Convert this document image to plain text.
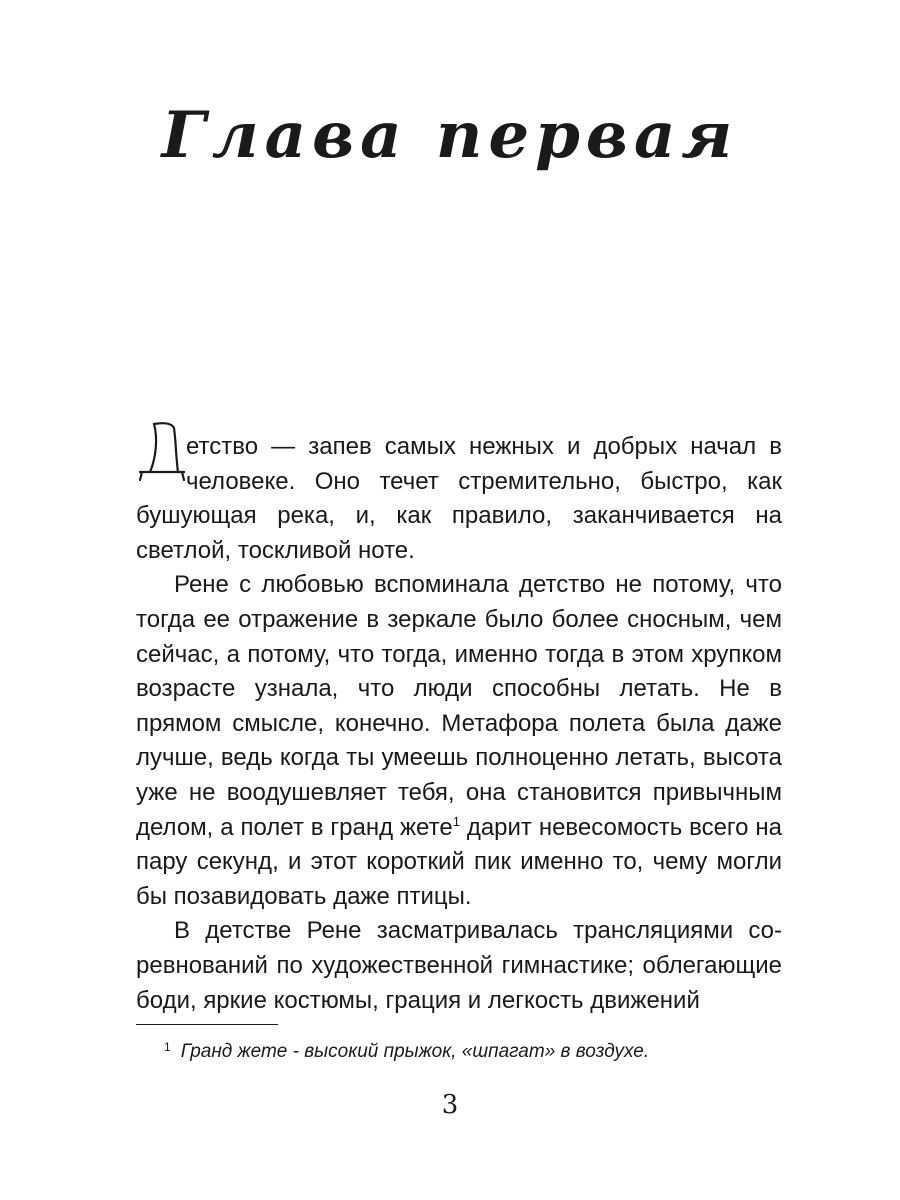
Глава первая

етство — запев самых нежных и добрых начал в человеке. Оно течет стремительно, быстро, как бушующая река, и, как правило, заканчивается на светлой, тоскливой ноте.

Рене с любовью вспоминала детство не потому, что тогда ее отражение в зеркале было более сносным, чем сейчас, а потому, что тогда, именно тогда в этом хрупком возрасте узнала, что люди способны летать. Не в прямом смысле, конечно. Метафора полета была даже лучше, ведь когда ты умеешь полноценно летать, высота уже не воодушевляет тебя, она становится привычным делом, а полет в гранд жете$^1$ дарит невесомость всего на пару секунд, и этот короткий пик именно то, чему могли бы позавидовать даже птицы.

В детстве Рене засматривалась трансляциями соревнований по художественной гимнастике; облегающие боди, яркие костюмы, грация и легкость движений

$^1$ Гранд жете - высокий прыжок, «шпагат» в воздухе.
3
